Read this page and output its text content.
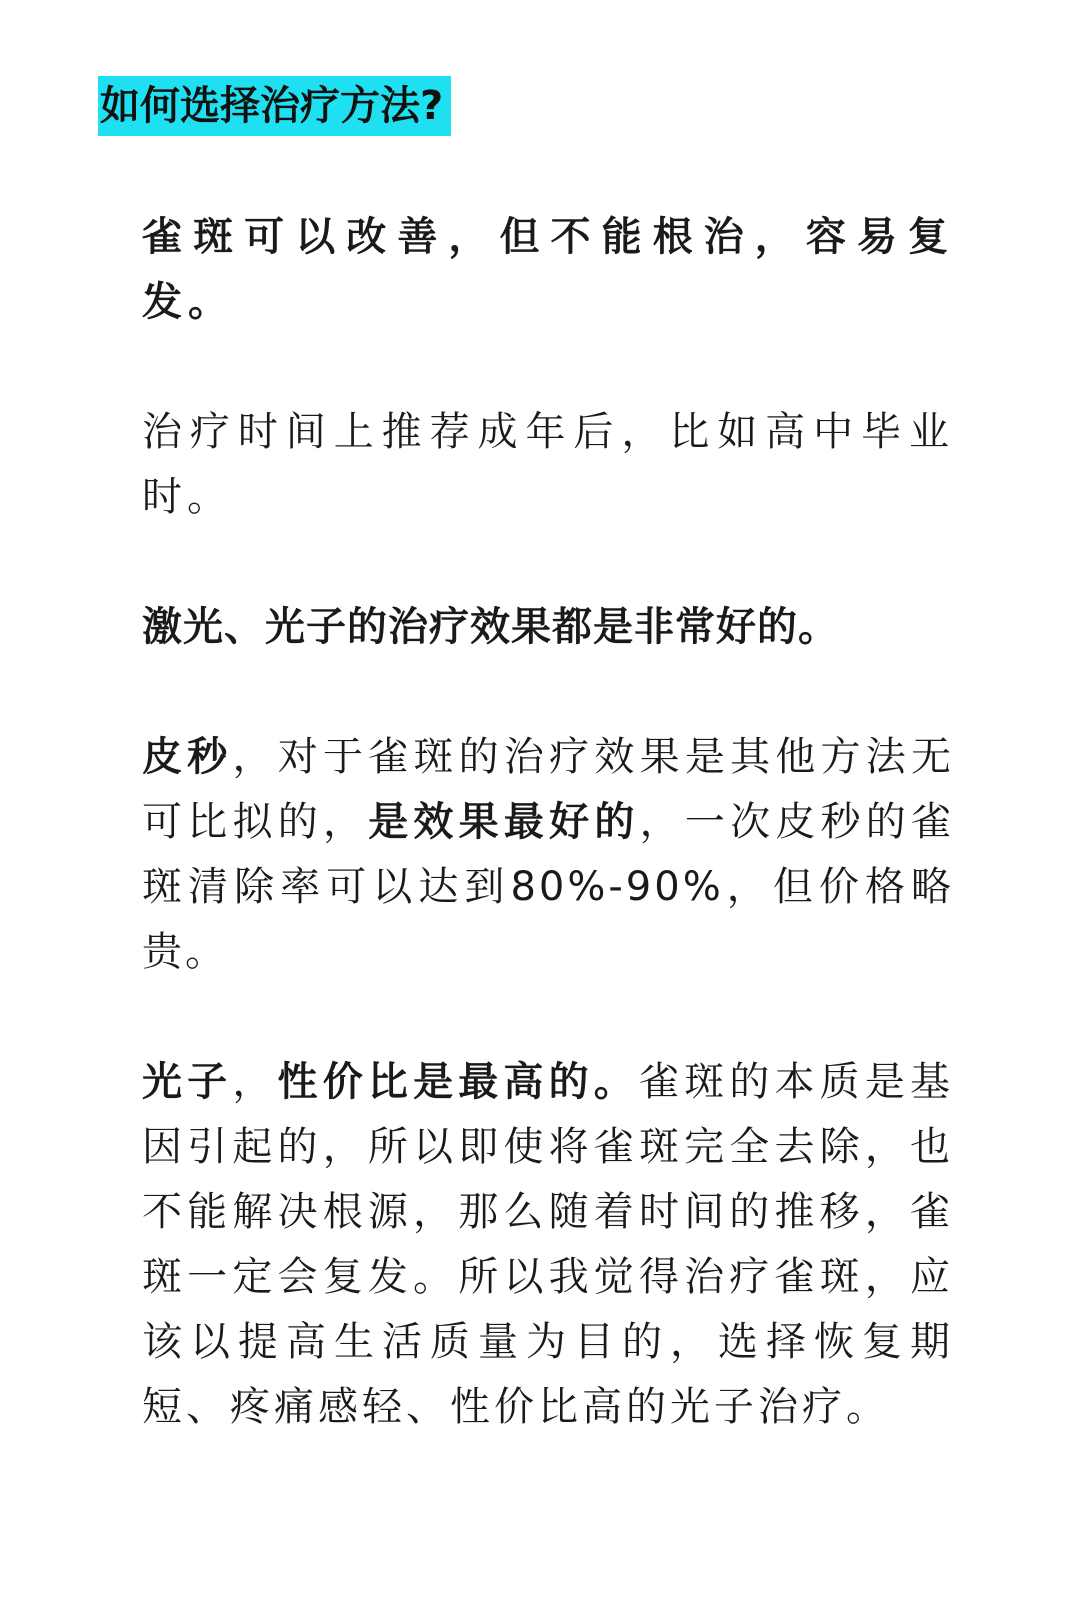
如何选择治疗方法?
雀斑可以改善，但不能根治，容易复发。
治疗时间上推荐成年后，比如高中毕业时。
激光、光子的治疗效果都是非常好的。
皮秒，对于雀斑的治疗效果是其他方法无可比拟的，是效果最好的，一次皮秒的雀斑清除率可以达到80%-90%，但价格略贵。
光子，性价比是最高的。雀斑的本质是基因引起的，所以即使将雀斑完全去除，也不能解决根源，那么随着时间的推移，雀斑一定会复发。所以我觉得治疗雀斑，应该以提高生活质量为目的，选择恢复期短、疼痛感轻、性价比高的光子治疗。
